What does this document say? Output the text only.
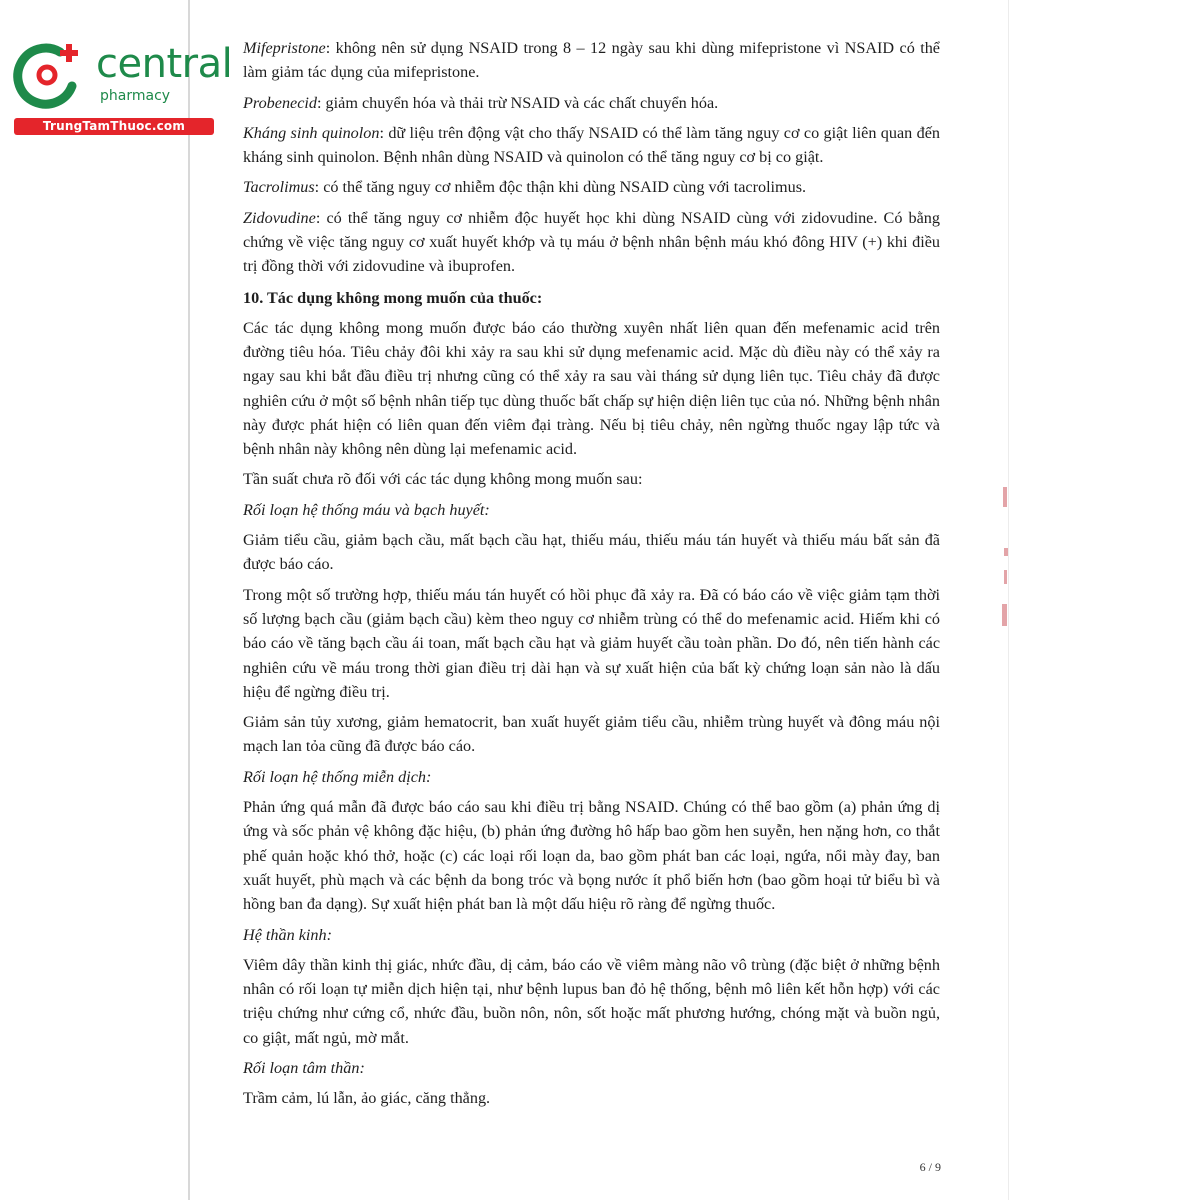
central
pharmacy
TrungTamThuoc.com

Mifepristone: không nên sử dụng NSAID trong 8 – 12 ngày sau khi dùng mifepristone vì NSAID có thể làm giảm tác dụng của mifepristone.

Probenecid: giảm chuyển hóa và thải trừ NSAID và các chất chuyển hóa.

Kháng sinh quinolon: dữ liệu trên động vật cho thấy NSAID có thể làm tăng nguy cơ co giật liên quan đến kháng sinh quinolon. Bệnh nhân dùng NSAID và quinolon có thể tăng nguy cơ bị co giật.

Tacrolimus: có thể tăng nguy cơ nhiễm độc thận khi dùng NSAID cùng với tacrolimus.

Zidovudine: có thể tăng nguy cơ nhiễm độc huyết học khi dùng NSAID cùng với zidovudine. Có bằng chứng về việc tăng nguy cơ xuất huyết khớp và tụ máu ở bệnh nhân bệnh máu khó đông HIV (+) khi điều trị đồng thời với zidovudine và ibuprofen.

10. Tác dụng không mong muốn của thuốc:

Các tác dụng không mong muốn được báo cáo thường xuyên nhất liên quan đến mefenamic acid trên đường tiêu hóa. Tiêu chảy đôi khi xảy ra sau khi sử dụng mefenamic acid. Mặc dù điều này có thể xảy ra ngay sau khi bắt đầu điều trị nhưng cũng có thể xảy ra sau vài tháng sử dụng liên tục. Tiêu chảy đã được nghiên cứu ở một số bệnh nhân tiếp tục dùng thuốc bất chấp sự hiện diện liên tục của nó. Những bệnh nhân này được phát hiện có liên quan đến viêm đại tràng. Nếu bị tiêu chảy, nên ngừng thuốc ngay lập tức và bệnh nhân này không nên dùng lại mefenamic acid.

Tần suất chưa rõ đối với các tác dụng không mong muốn sau:

Rối loạn hệ thống máu và bạch huyết:

Giảm tiểu cầu, giảm bạch cầu, mất bạch cầu hạt, thiếu máu, thiếu máu tán huyết và thiếu máu bất sản đã được báo cáo.

Trong một số trường hợp, thiếu máu tán huyết có hồi phục đã xảy ra. Đã có báo cáo về việc giảm tạm thời số lượng bạch cầu (giảm bạch cầu) kèm theo nguy cơ nhiễm trùng có thể do mefenamic acid. Hiếm khi có báo cáo về tăng bạch cầu ái toan, mất bạch cầu hạt và giảm huyết cầu toàn phần. Do đó, nên tiến hành các nghiên cứu về máu trong thời gian điều trị dài hạn và sự xuất hiện của bất kỳ chứng loạn sản nào là dấu hiệu để ngừng điều trị.

Giảm sản tủy xương, giảm hematocrit, ban xuất huyết giảm tiểu cầu, nhiễm trùng huyết và đông máu nội mạch lan tỏa cũng đã được báo cáo.

Rối loạn hệ thống miễn dịch:

Phản ứng quá mẫn đã được báo cáo sau khi điều trị bằng NSAID. Chúng có thể bao gồm (a) phản ứng dị ứng và sốc phản vệ không đặc hiệu, (b) phản ứng đường hô hấp bao gồm hen suyễn, hen nặng hơn, co thắt phế quản hoặc khó thở, hoặc (c) các loại rối loạn da, bao gồm phát ban các loại, ngứa, nổi mày đay, ban xuất huyết, phù mạch và các bệnh da bong tróc và bọng nước ít phổ biến hơn (bao gồm hoại tử biểu bì và hồng ban đa dạng). Sự xuất hiện phát ban là một dấu hiệu rõ ràng để ngừng thuốc.

Hệ thần kinh:

Viêm dây thần kinh thị giác, nhức đầu, dị cảm, báo cáo về viêm màng não vô trùng (đặc biệt ở những bệnh nhân có rối loạn tự miễn dịch hiện tại, như bệnh lupus ban đỏ hệ thống, bệnh mô liên kết hỗn hợp) với các triệu chứng như cứng cổ, nhức đầu, buồn nôn, nôn, sốt hoặc mất phương hướng, chóng mặt và buồn ngủ, co giật, mất ngủ, mờ mắt.

Rối loạn tâm thần:

Trầm cảm, lú lẫn, ảo giác, căng thẳng.

6 / 9
